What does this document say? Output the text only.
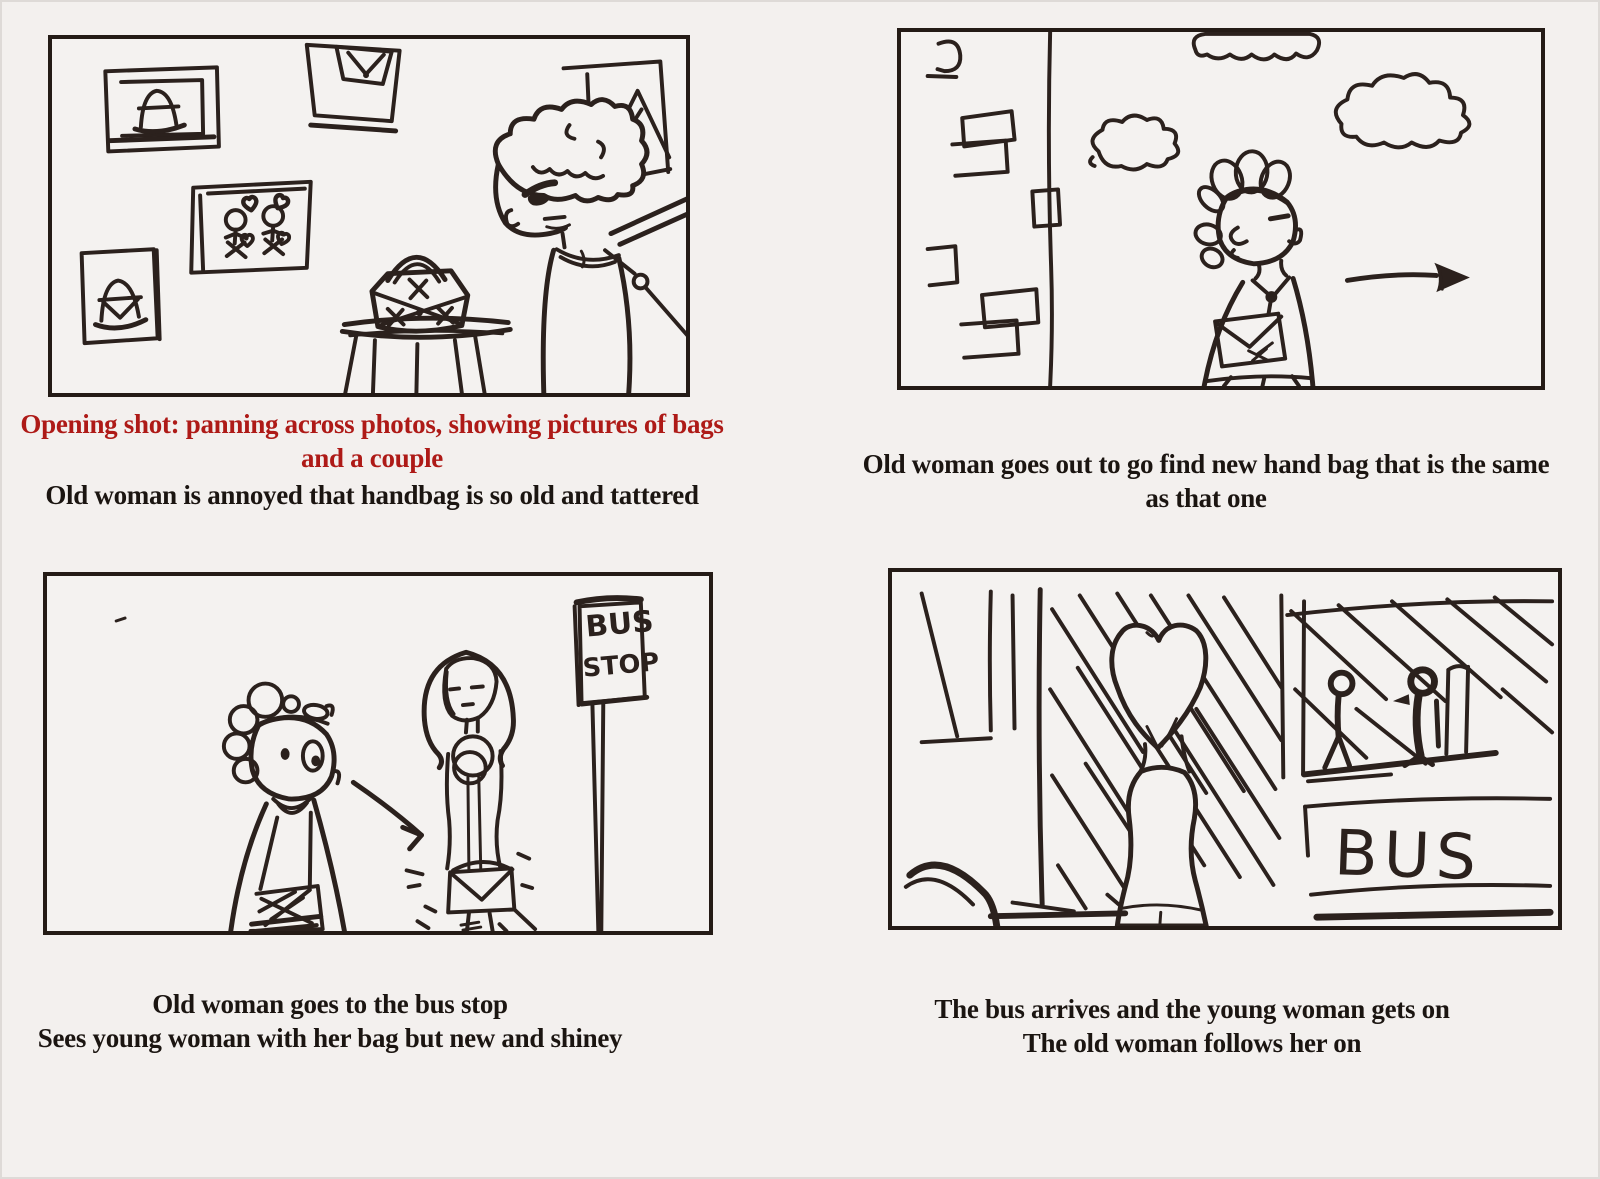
BUS
STOP
BUS
Opening shot: panning across photos, showing pictures of bags
and a couple
Old woman is annoyed that handbag is so old and tattered
Old woman goes out to go find new hand bag that is the same
as that one
Old woman goes to the bus stop
Sees young woman with her bag but new and shiney
The bus arrives and the young woman gets on
The old woman follows her on
